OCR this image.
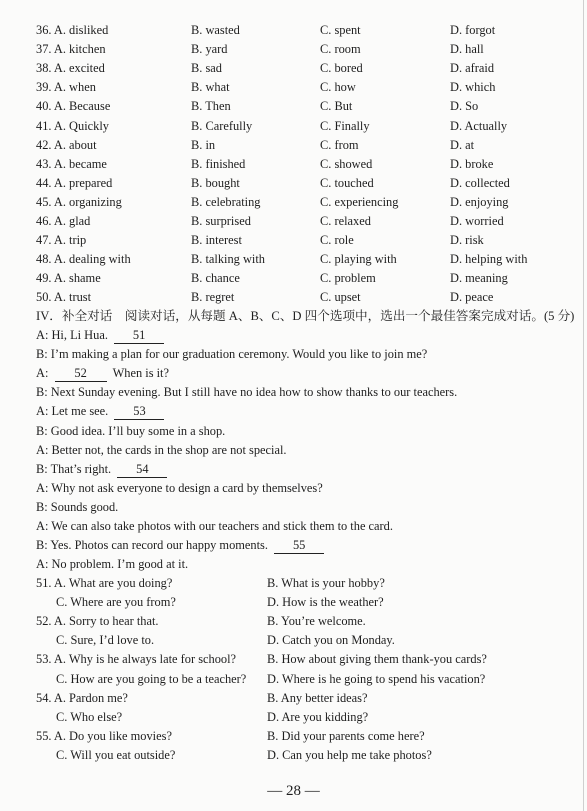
36. A. disliked	B. wasted	C. spent	D. forgot
37. A. kitchen	B. yard	C. room	D. hall
38. A. excited	B. sad	C. bored	D. afraid
39. A. when	B. what	C. how	D. which
40. A. Because	B. Then	C. But	D. So
41. A. Quickly	B. Carefully	C. Finally	D. Actually
42. A. about	B. in	C. from	D. at
43. A. became	B. finished	C. showed	D. broke
44. A. prepared	B. bought	C. touched	D. collected
45. A. organizing	B. celebrating	C. experiencing	D. enjoying
46. A. glad	B. surprised	C. relaxed	D. worried
47. A. trip	B. interest	C. role	D. risk
48. A. dealing with	B. talking with	C. playing with	D. helping with
49. A. shame	B. chance	C. problem	D. meaning
50. A. trust	B. regret	C. upset	D. peace
IV．补全对话　阅读对话，从每题 A、B、C、D 四个选项中，选出一个最佳答案完成对话。(5 分)
A: Hi, Li Hua.  51
B: I’m making a plan for our graduation ceremony. Would you like to join me?
A:  52  When is it?
B: Next Sunday evening. But I still have no idea how to show thanks to our teachers.
A: Let me see.  53
B: Good idea. I’ll buy some in a shop.
A: Better not, the cards in the shop are not special.
B: That’s right.  54
A: Why not ask everyone to design a card by themselves?
B: Sounds good.
A: We can also take photos with our teachers and stick them to the card.
B: Yes. Photos can record our happy moments.  55
A: No problem. I’m good at it.
51. A. What are you doing?	B. What is your hobby?
C. Where are you from?	D. How is the weather?
52. A. Sorry to hear that.	B. You’re welcome.
C. Sure, I’d love to.	D. Catch you on Monday.
53. A. Why is he always late for school? B. How about giving them thank-you cards?
C. How are you going to be a teacher? D. Where is he going to spend his vacation?
54. A. Pardon me?	B. Any better ideas?
C. Who else?	D. Are you kidding?
55. A. Do you like movies?	B. Did your parents come here?
C. Will you eat outside?	D. Can you help me take photos?
— 28 —
